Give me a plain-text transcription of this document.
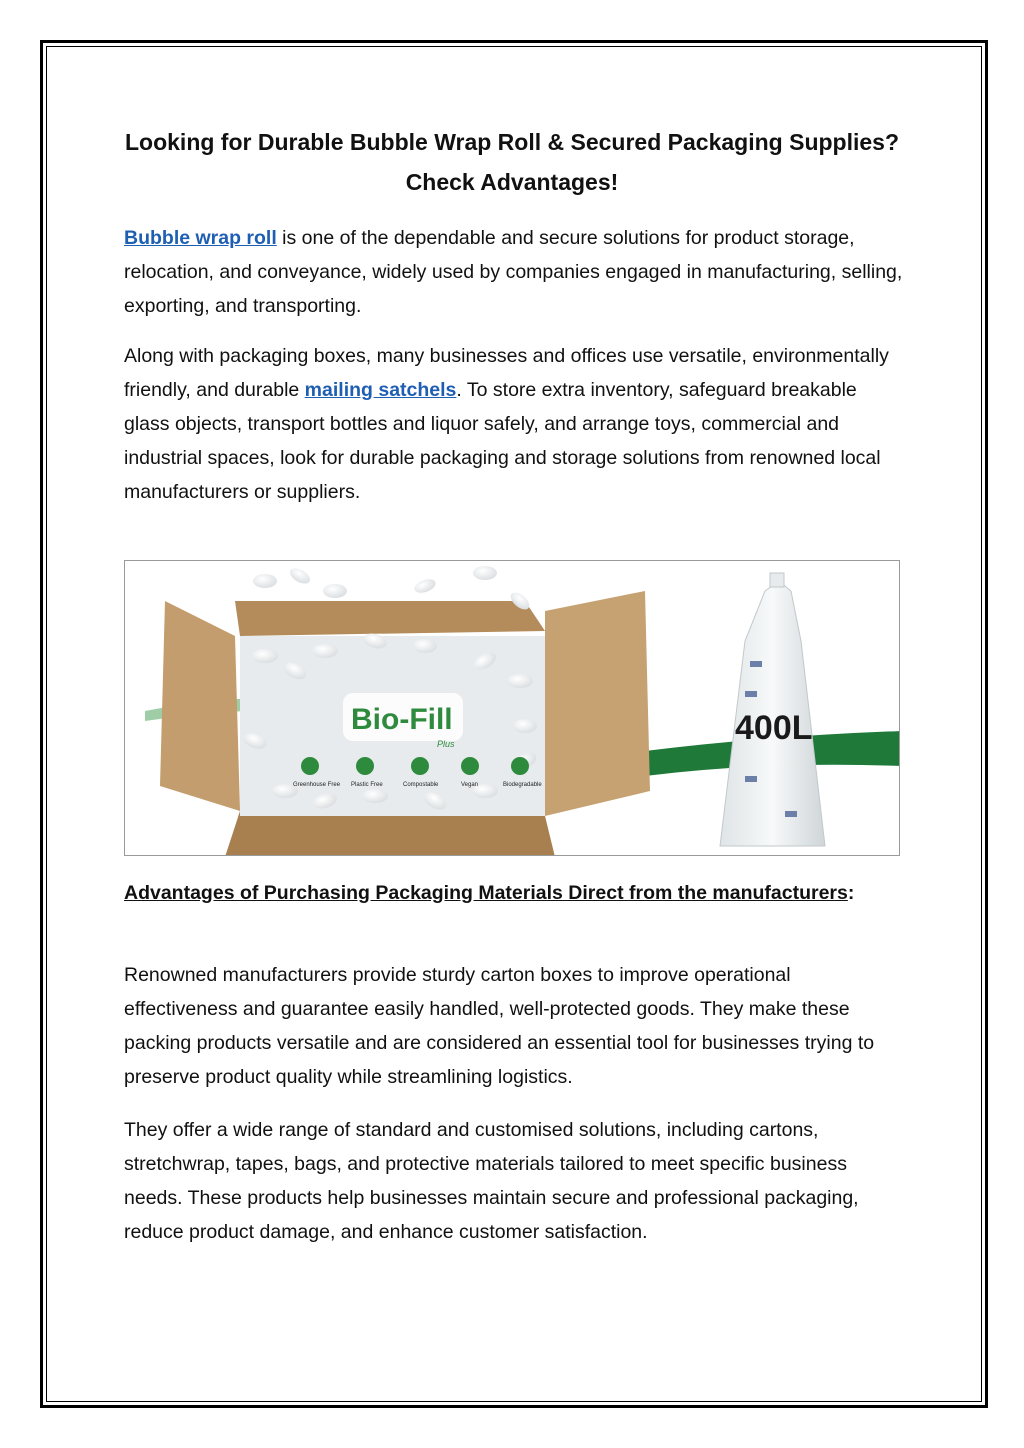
Looking for Durable Bubble Wrap Roll & Secured Packaging Supplies? Check Advantages!

Bubble wrap roll is one of the dependable and secure solutions for product storage, relocation, and conveyance, widely used by companies engaged in manufacturing, selling, exporting, and transporting.

Along with packaging boxes, many businesses and offices use versatile, environmentally friendly, and durable mailing satchels. To store extra inventory, safeguard breakable glass objects, transport bottles and liquor safely, and arrange toys, commercial and industrial spaces, look for durable packaging and storage solutions from renowned local manufacturers or suppliers.

Bio-Fill
Plus
Greenhouse Free Plastic Free	Compostable	Vegan	Biodegradable
400L
Advantages of Purchasing Packaging Materials Direct from the manufacturers:

Renowned manufacturers provide sturdy carton boxes to improve operational effectiveness and guarantee easily handled, well-protected goods. They make these packing products versatile and are considered an essential tool for businesses trying to preserve product quality while streamlining logistics.

They offer a wide range of standard and customised solutions, including cartons, stretchwrap, tapes, bags, and protective materials tailored to meet specific business needs. These products help businesses maintain secure and professional packaging, reduce product damage, and enhance customer satisfaction.
